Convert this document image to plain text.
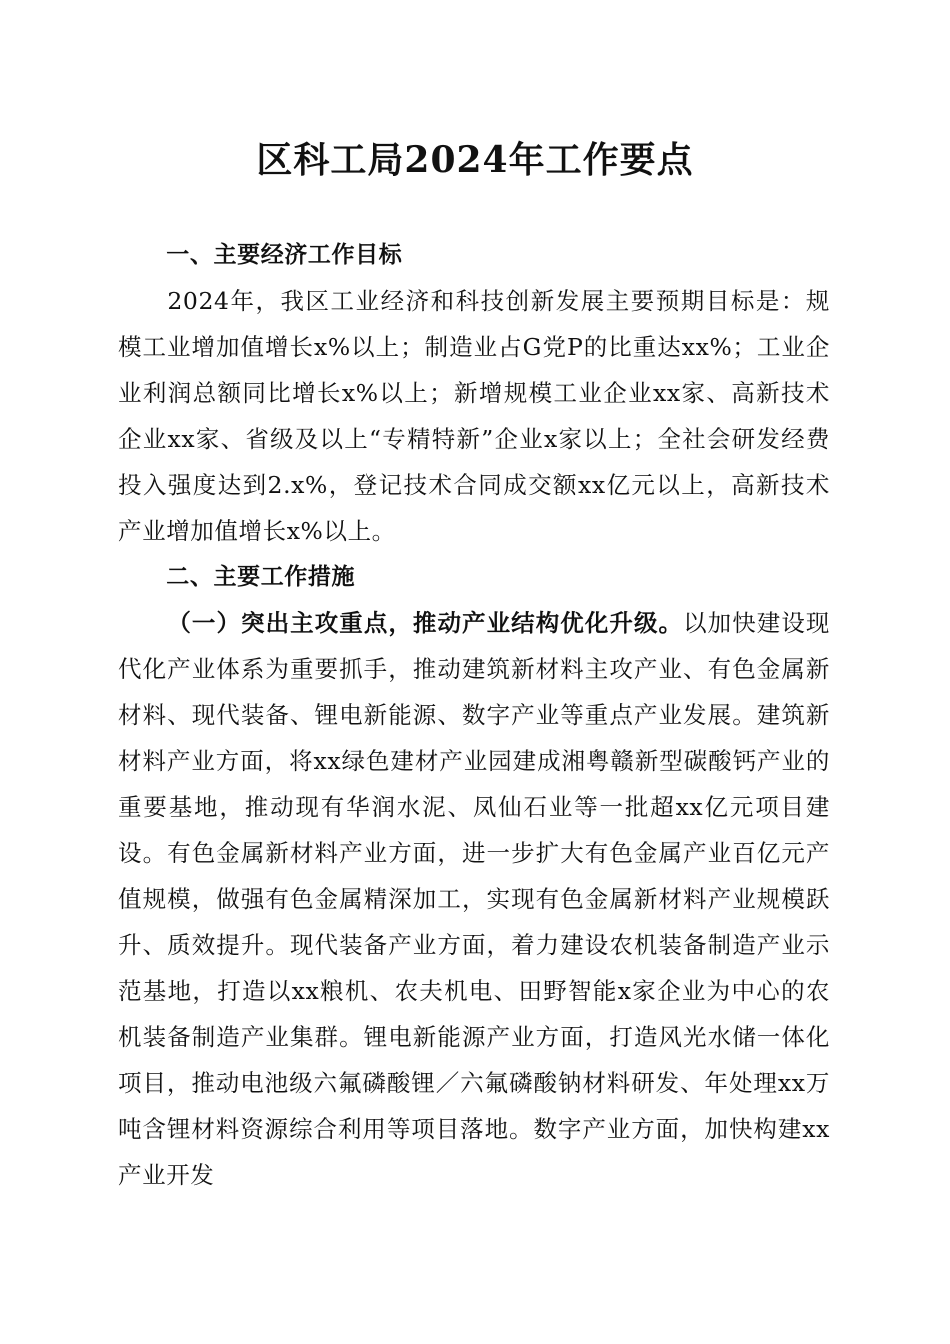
区科工局2024年工作要点
一、主要经济工作目标

2024年，我区工业经济和科技创新发展主要预期目标是：规模工业增加值增长x%以上；制造业占G党P的比重达xx%；工业企业利润总额同比增长x%以上；新增规模工业企业xx家、高新技术企业xx家、省级及以上“专精特新”企业x家以上；全社会研发经费投入强度达到2.x%，登记技术合同成交额xx亿元以上，高新技术产业增加值增长x%以上。

二、主要工作措施

（一）突出主攻重点，推动产业结构优化升级。以加快建设现代化产业体系为重要抓手，推动建筑新材料主攻产业、有色金属新材料、现代装备、锂电新能源、数字产业等重点产业发展。建筑新材料产业方面，将xx绿色建材产业园建成湘粤赣新型碳酸钙产业的重要基地，推动现有华润水泥、凤仙石业等一批超xx亿元项目建设。有色金属新材料产业方面，进一步扩大有色金属产业百亿元产值规模，做强有色金属精深加工，实现有色金属新材料产业规模跃升、质效提升。现代装备产业方面，着力建设农机装备制造产业示范基地，打造以xx粮机、农夫机电、田野智能x家企业为中心的农机装备制造产业集群。锂电新能源产业方面，打造风光水储一体化项目，推动电池级六氟磷酸锂／六氟磷酸钠材料研发、年处理xx万吨含锂材料资源综合利用等项目落地。数字产业方面，加快构建xx产业开发
